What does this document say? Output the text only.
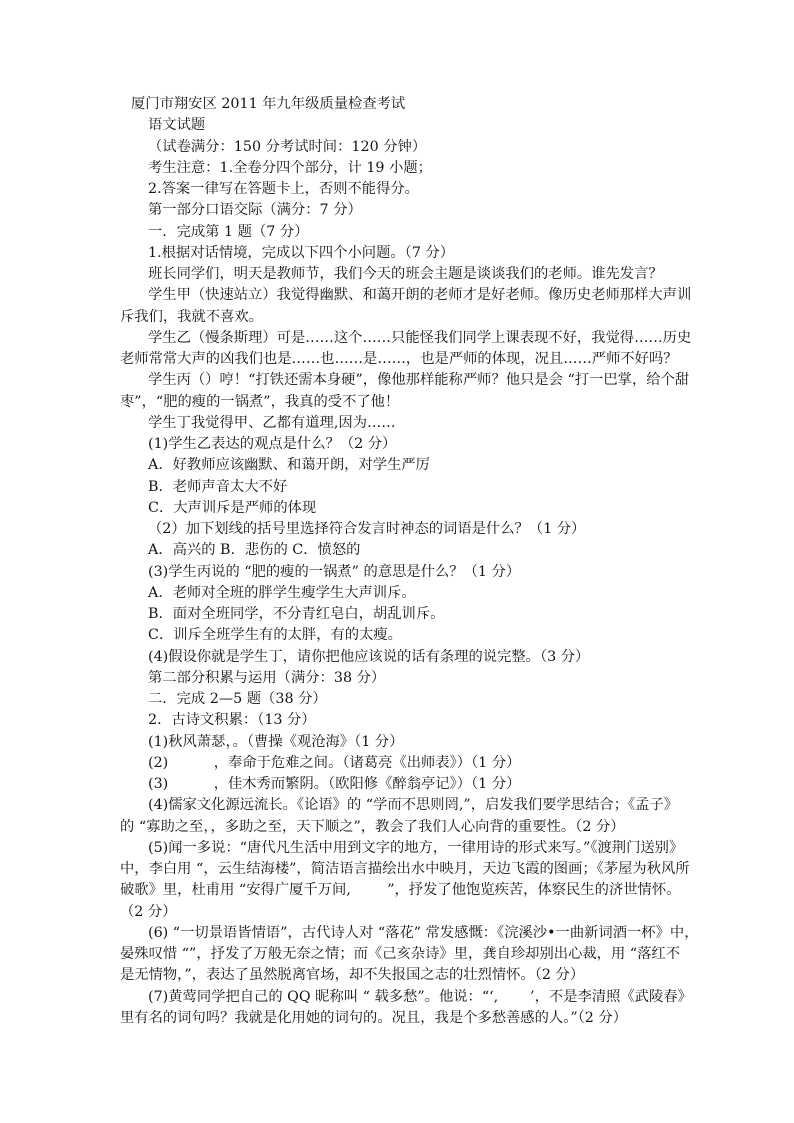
厦门市翔安区 2011 年九年级质量检查考试
语文试题
（试卷满分：150 分考试时间：120 分钟）
考生注意：1.全卷分四个部分，计 19 小题；
2.答案一律写在答题卡上，否则不能得分。
第一部分口语交际（满分：7 分）
一．完成第 1 题（7 分）
1.根据对话情境，完成以下四个小问题。（7 分）
班长同学们，明天是教师节，我们今天的班会主题是谈谈我们的老师。谁先发言？
学生甲（快速站立）我觉得幽默、和蔼开朗的老师才是好老师。像历史老师那样大声训
斥我们，我就不喜欢。
学生乙（慢条斯理）可是……这个……只能怪我们同学上课表现不好，我觉得……历史
老师常常大声的凶我们也是……也……是……，也是严师的体现，况且……严师不好吗？
学生丙（）哼！“打铁还需本身硬”，像他那样能称严师？他只是会 “打一巴掌，给个甜
枣”，“肥的瘦的一锅煮”，我真的受不了他！
学生丁我觉得甲、乙都有道理,因为……
(1)学生乙表达的观点是什么？（2 分）
A．好教师应该幽默、和蔼开朗，对学生严厉
B．老师声音太大不好
C．大声训斥是严师的体现
（2）加下划线的括号里选择符合发言时神态的词语是什么？（1 分）
A．高兴的 B．悲伤的 C．愤怒的
(3)学生丙说的 “肥的瘦的一锅煮” 的意思是什么？（1 分）
A．老师对全班的胖学生瘦学生大声训斥。
B．面对全班同学，不分青红皂白，胡乱训斥。
C．训斥全班学生有的太胖，有的太瘦。
(4)假设你就是学生丁，请你把他应该说的话有条理的说完整。（3 分）
第二部分积累与运用（满分：38 分）
二．完成 2—5 题（38 分）
2．古诗文积累：（13 分）
(1)秋风萧瑟，。（曹操《观沧海》（1 分）
(2)          ，奉命于危难之间。（诸葛亮《出师表》）（1 分）
(3)          ，佳木秀而繁阴。（欧阳修《醉翁亭记》）（1 分）
(4)儒家文化源远流长。《论语》的 “学而不思则罔,”，启发我们要学思结合；《孟子》
的 “寡助之至，，多助之至，天下顺之”，教会了我们人心向背的重要性。（2 分）
(5)闻一多说：“唐代凡生活中用到文字的地方，一律用诗的形式来写。”《渡荆门送别》
中，李白用 “，云生结海楼”，简洁语言描绘出水中映月，天边飞霞的图画；《茅屋为秋风所
破歌》里，杜甫用 “安得广厦千万间,        ”，抒发了他饱览疾苦，体察民生的济世情怀。
（2 分）
(6) “一切景语皆情语”，古代诗人对 “落花” 常发感慨：《浣溪沙•一曲新词酒一杯》中，
晏殊叹惜 “”，抒发了万般无奈之情；而《己亥杂诗》里，龚自珍却别出心裁，用 “落红不
是无情物，”，表达了虽然脱离官场，却不失报国之志的壮烈情怀。（2 分）
(7)黄莺同学把自己的 QQ 昵称叫 “ 载多愁”。他说：“‘,       ’，不是李清照《武陵春》
里有名的词句吗？我就是化用她的词句的。况且，我是个多愁善感的人。”（2 分）
